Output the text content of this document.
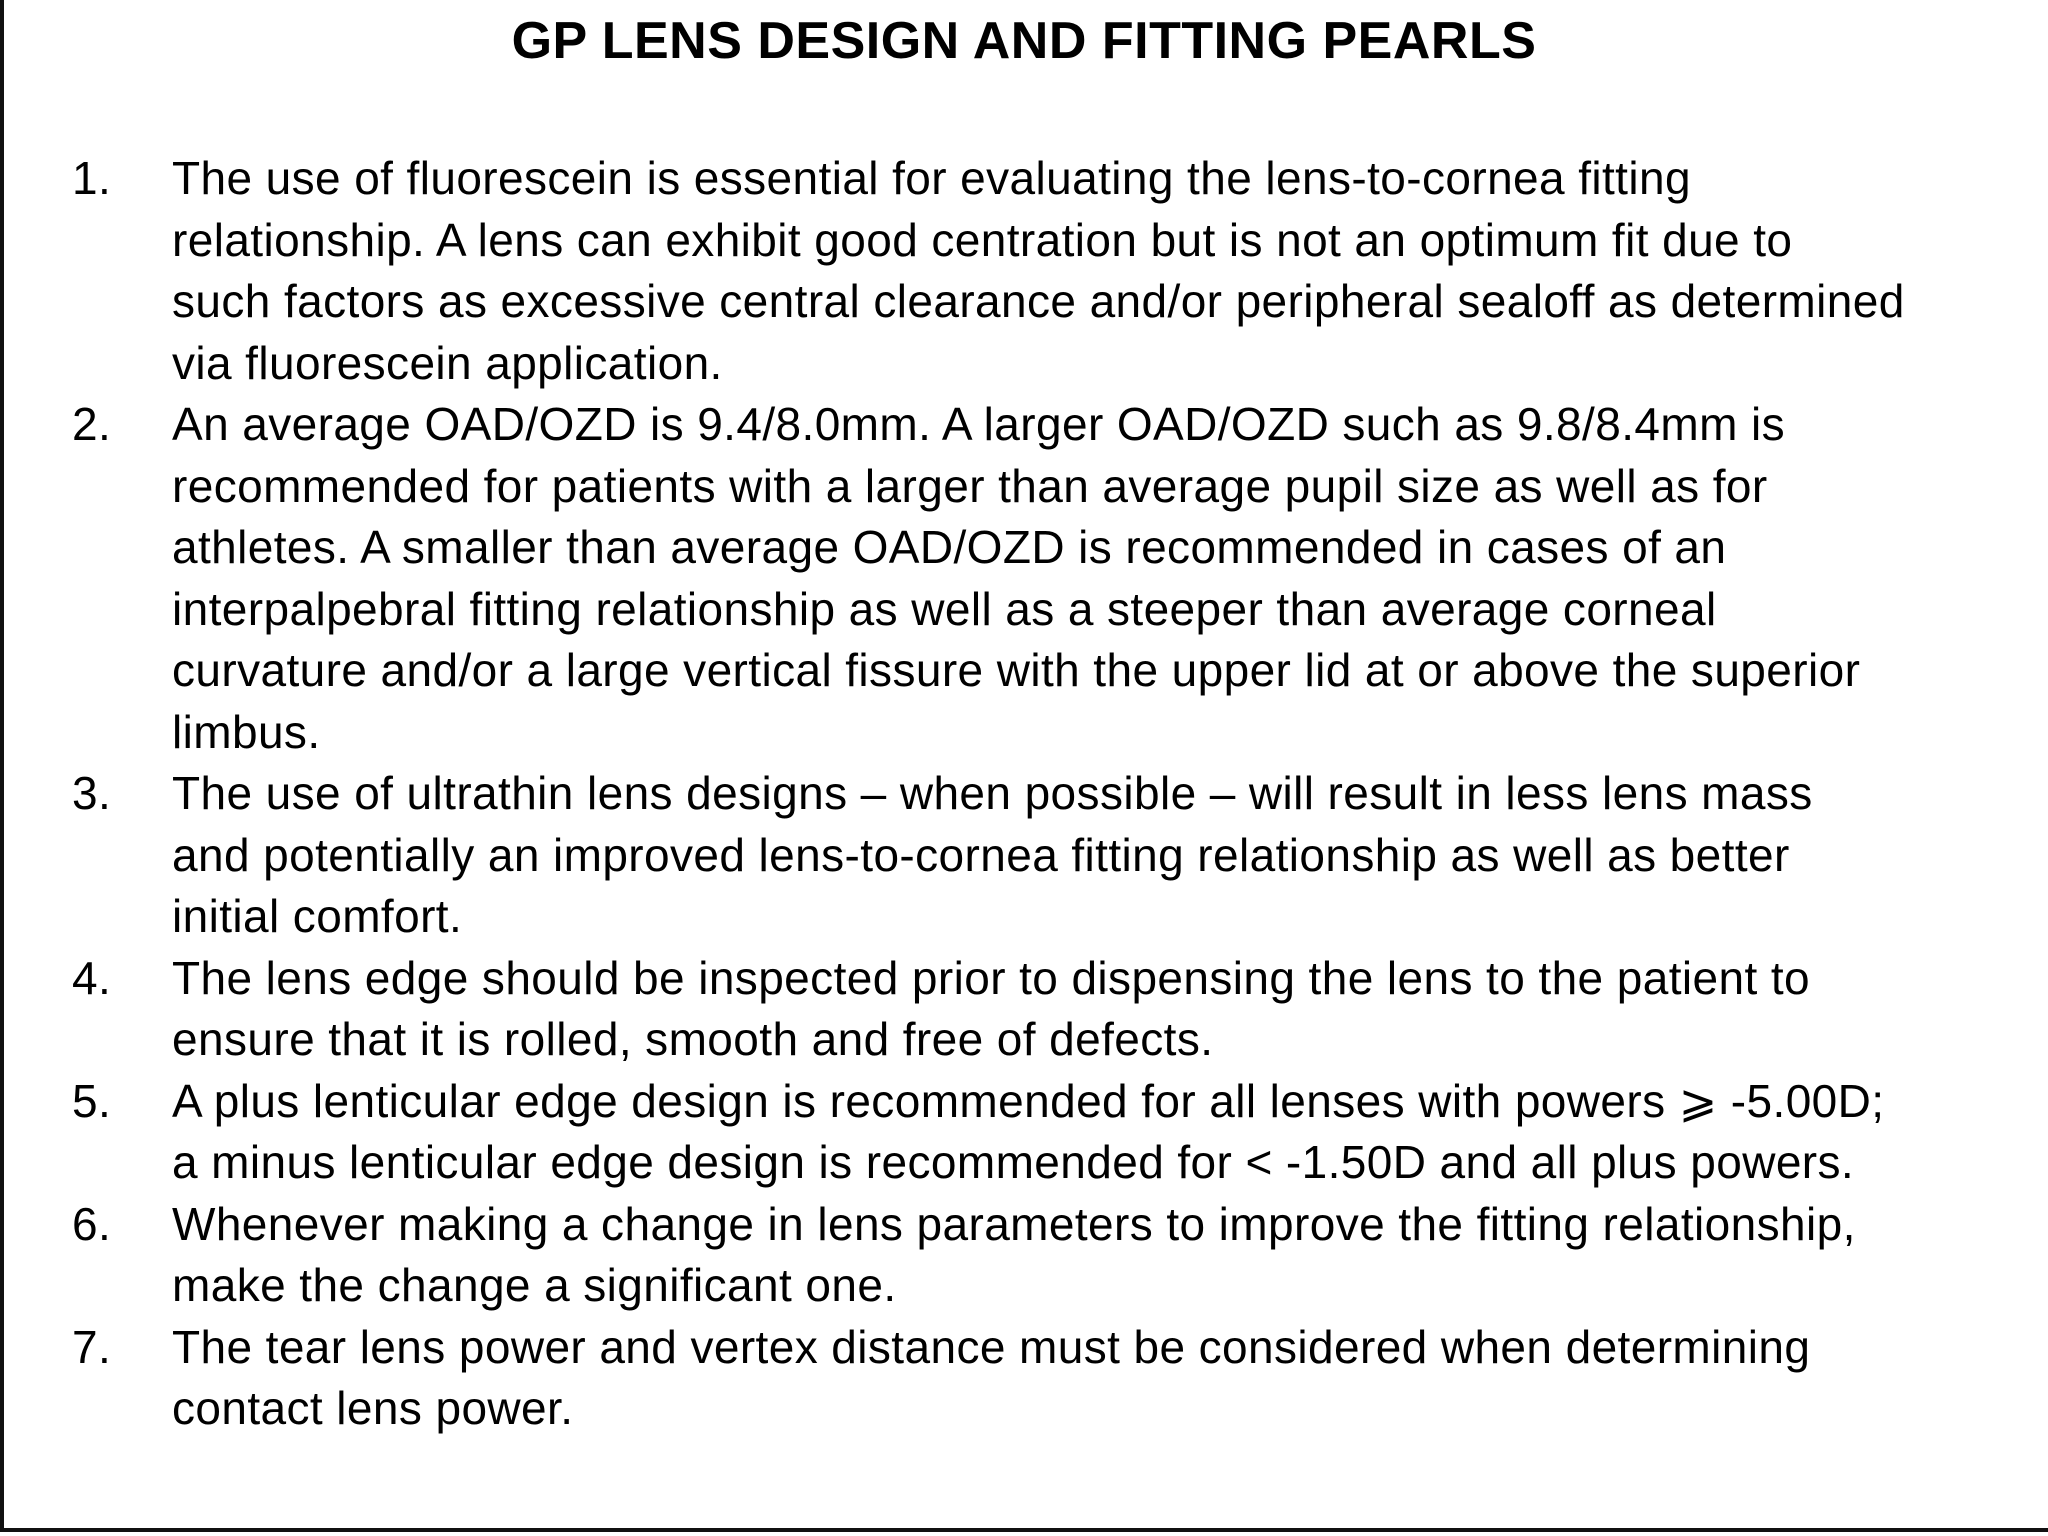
GP LENS DESIGN AND FITTING PEARLS
1. The use of fluorescein is essential for evaluating the lens-to-cornea fitting
relationship. A lens can exhibit good centration but is not an optimum fit due to
such factors as excessive central clearance and/or peripheral sealoff as determined
via fluorescein application.
2. An average OAD/OZD is 9.4/8.0mm. A larger OAD/OZD such as 9.8/8.4mm is
recommended for patients with a larger than average pupil size as well as for
athletes. A smaller than average OAD/OZD is recommended in cases of an
interpalpebral fitting relationship as well as a steeper than average corneal
curvature and/or a large vertical fissure with the upper lid at or above the superior
limbus.
3. The use of ultrathin lens designs – when possible – will result in less lens mass
and potentially an improved lens-to-cornea fitting relationship as well as better
initial comfort.
4. The lens edge should be inspected prior to dispensing the lens to the patient to
ensure that it is rolled, smooth and free of defects.
5. A plus lenticular edge design is recommended for all lenses with powers ⩾ -5.00D;
a minus lenticular edge design is recommended for < -1.50D and all plus powers.
6. Whenever making a change in lens parameters to improve the fitting relationship,
make the change a significant one.
7. The tear lens power and vertex distance must be considered when determining
contact lens power.
